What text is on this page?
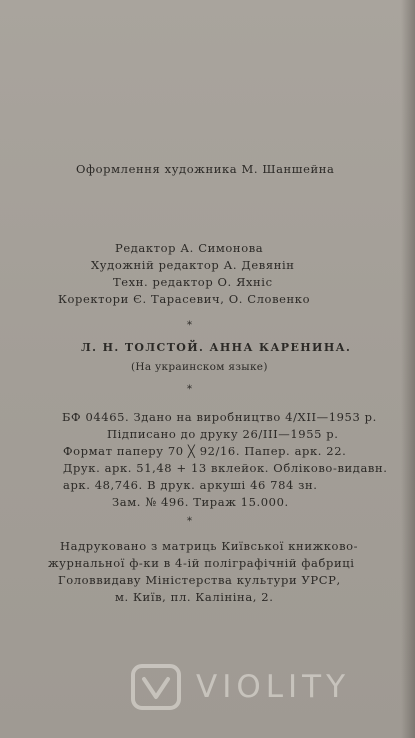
Оформлення художника М. Шаншейна

Редактор А. Симонова

Художній редактор А. Девянін

Техн. редактор О. Яхніс

Коректори Є. Тарасевич, О. Словенко

*

Л. Н. ТОЛСТОЙ. АННА КАРЕНИНА.

(На украинском языке)

*

БФ 04465. Здано на виробництво 4/XII—1953 р.

Підписано до друку 26/III—1955 р.

Формат паперу 70 ╳ 92/16. Папер. арк. 22.

Друк. арк. 51,48 + 13 вклейок. Обліково-видавн.

арк. 48,746. В друк. аркуші 46 784 зн.

Зам. № 496. Тираж 15.000.

*

Надруковано з матриць Київської книжково-

журнальної ф-ки в 4-ій поліграфічній фабриці

Головвидаву Міністерства культури УРСР,

м. Київ, пл. Калініна, 2.

VIOLITY
